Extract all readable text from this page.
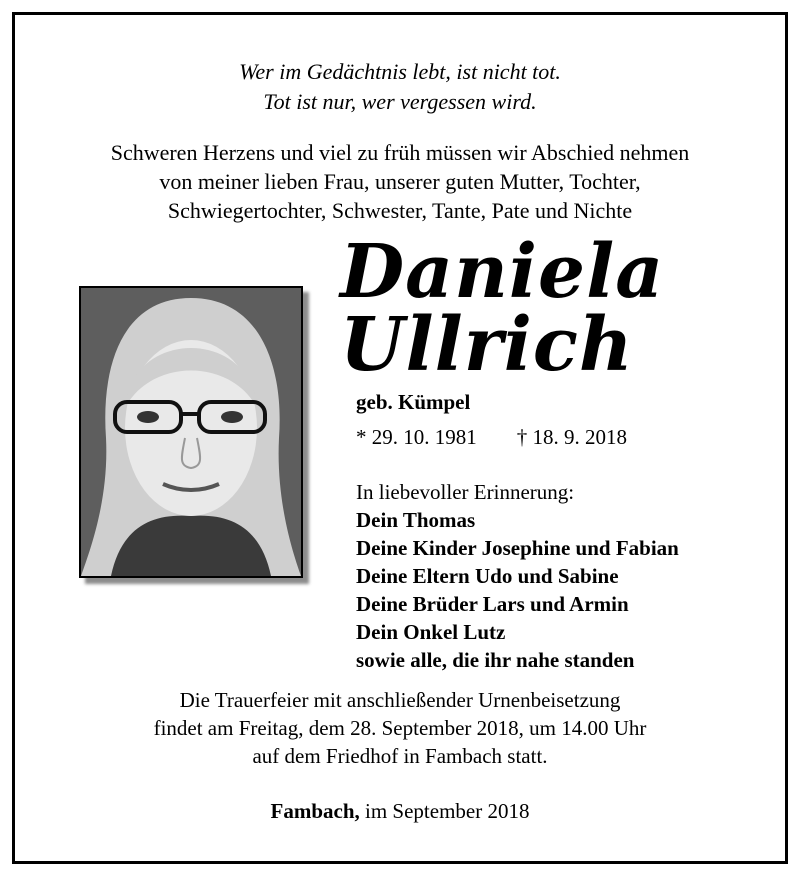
Wer im Gedächtnis lebt, ist nicht tot.
Tot ist nur, wer vergessen wird.
Schweren Herzens und viel zu früh müssen wir Abschied nehmen
von meiner lieben Frau, unserer guten Mutter, Tochter,
Schwiegertochter, Schwester, Tante, Pate und Nichte
Daniela
Ullrich
geb. Kümpel
* 29. 10. 1981 † 18. 9. 2018
In liebevoller Erinnerung:
Dein Thomas
Deine Kinder Josephine und Fabian
Deine Eltern Udo und Sabine
Deine Brüder Lars und Armin
Dein Onkel Lutz
sowie alle, die ihr nahe standen
Die Trauerfeier mit anschließender Urnenbeisetzung
findet am Freitag, dem 28. September 2018, um 14.00 Uhr
auf dem Friedhof in Fambach statt.
Fambach, im September 2018
